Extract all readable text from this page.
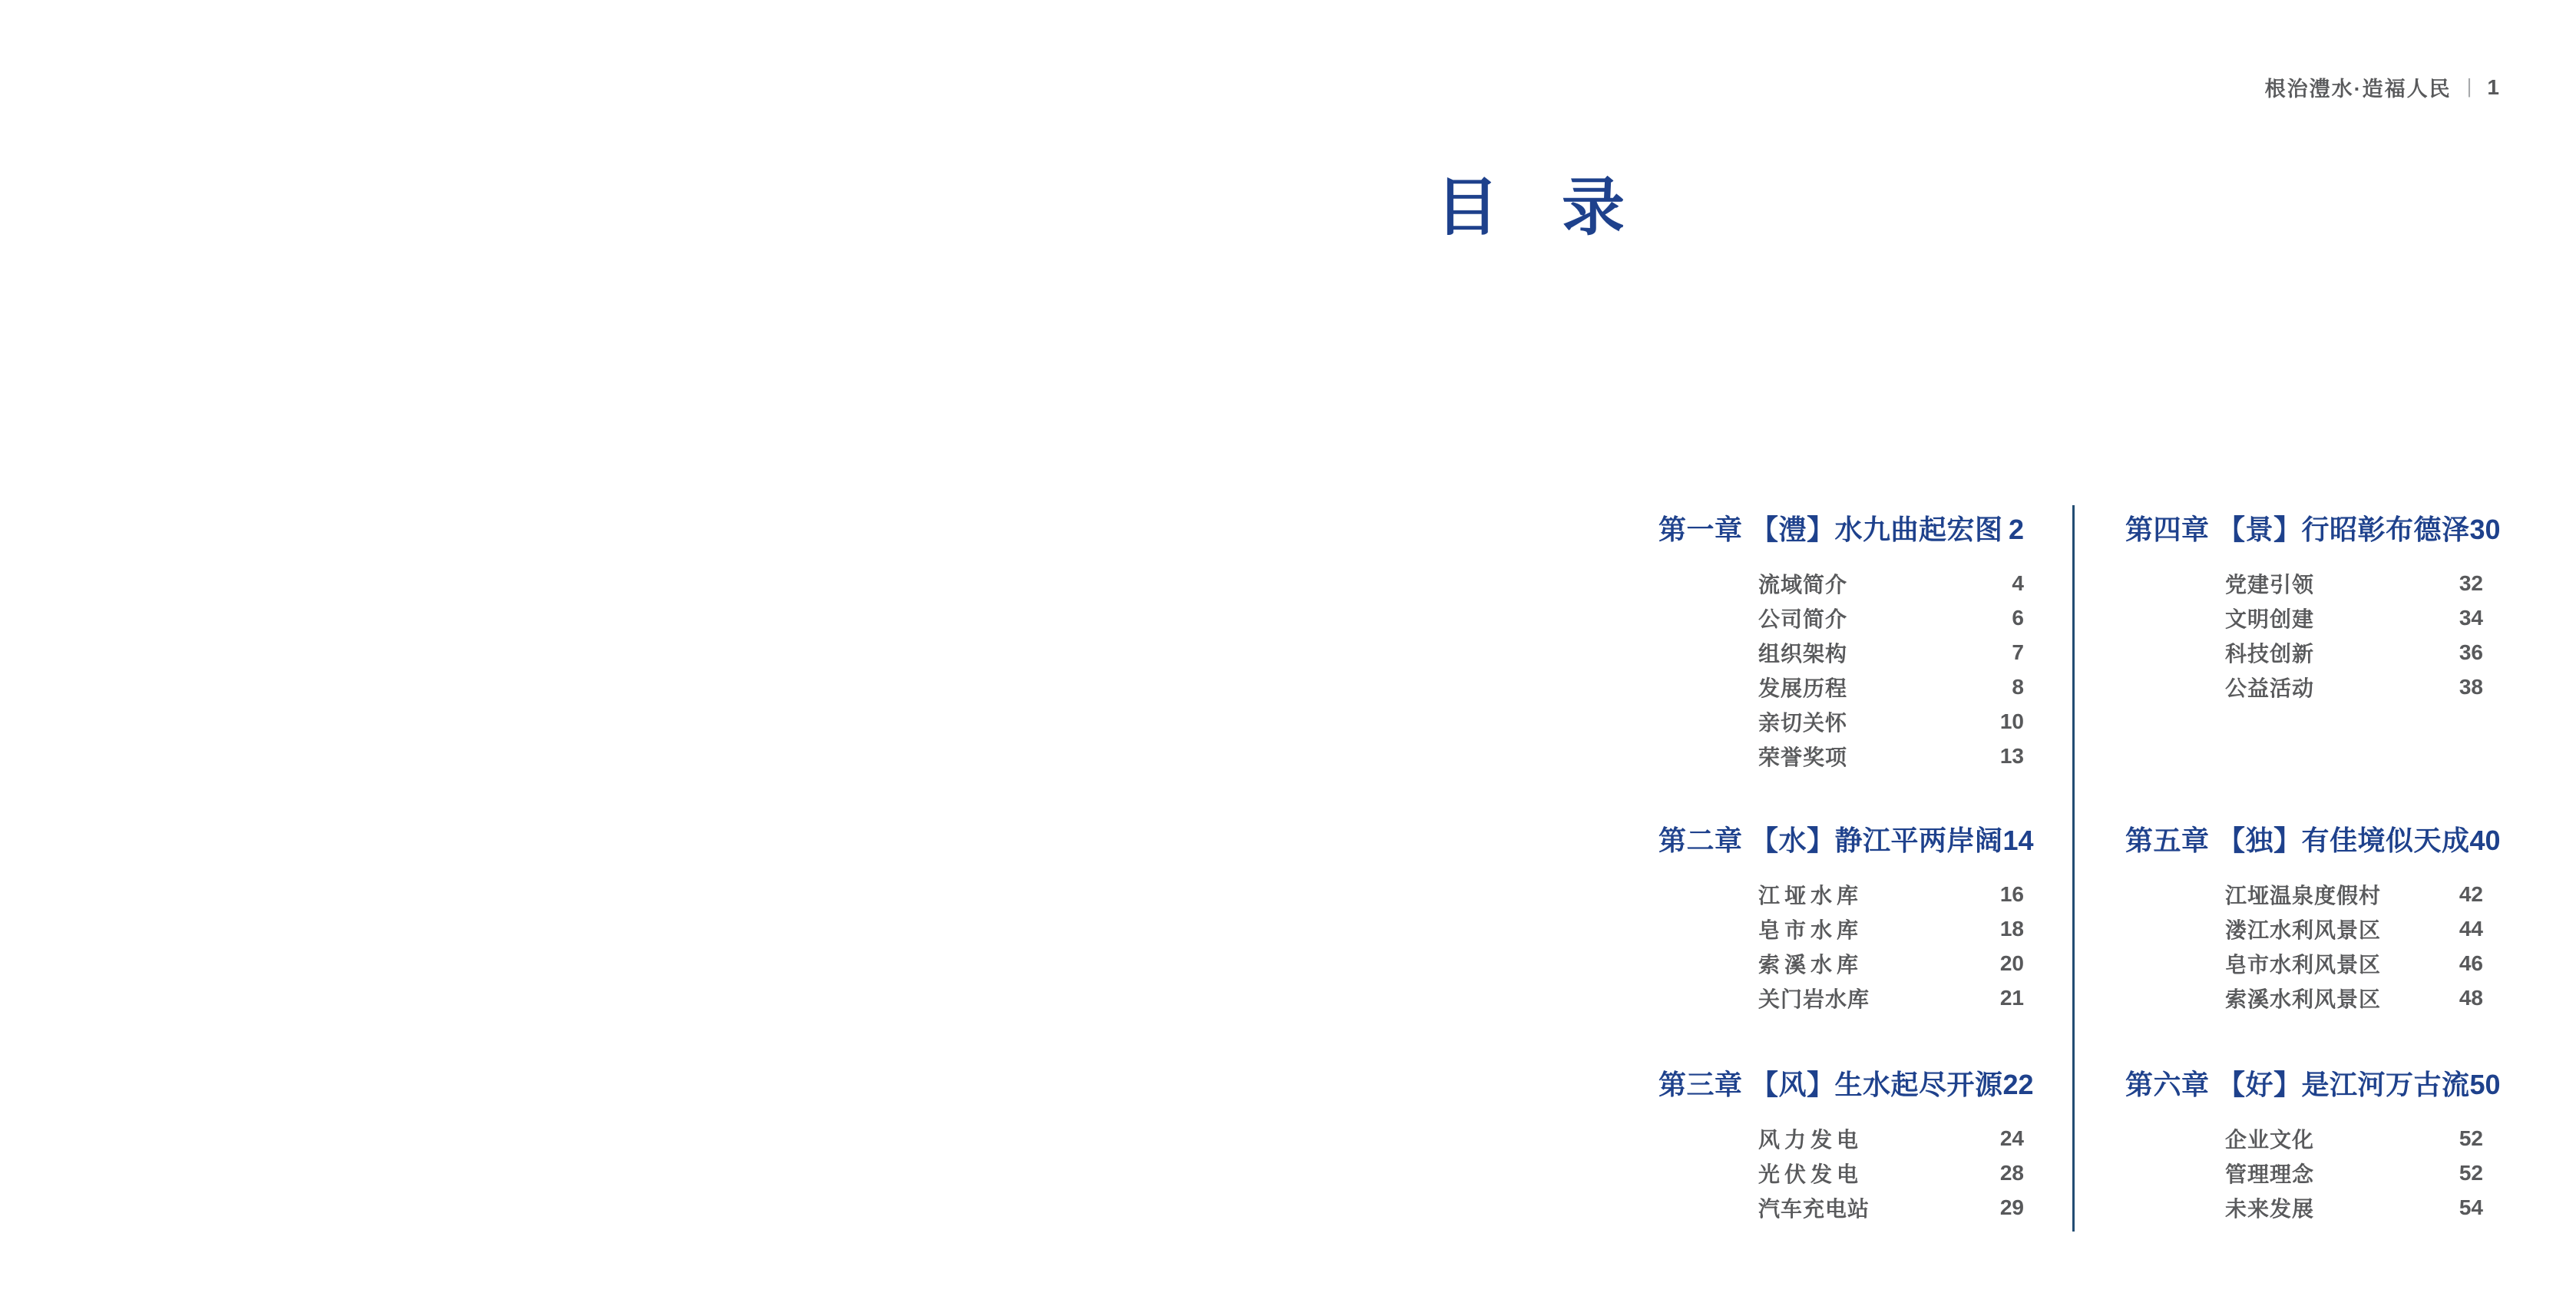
根治澧水·造福人民 | 1
目　录
第一章 【澧】水九曲起宏图 2
流域简介	4
公司简介	6
组织架构	7
发展历程	8
亲切关怀	10
荣誉奖项	13
第二章 【水】静江平两岸阔 14
江垭水库	16
皂市水库	18
索溪水库	20
关门岩水库	21
第三章 【风】生水起尽开源 22
风力发电	24
光伏发电	28
汽车充电站	29
第四章 【景】行昭彰布德泽 30
党建引领	32
文明创建	34
科技创新	36
公益活动	38
第五章 【独】有佳境似天成 40
江垭温泉度假村	42
溇江水利风景区	44
皂市水利风景区	46
索溪水利风景区	48
第六章 【好】是江河万古流 50
企业文化	52
管理理念	52
未来发展	54
